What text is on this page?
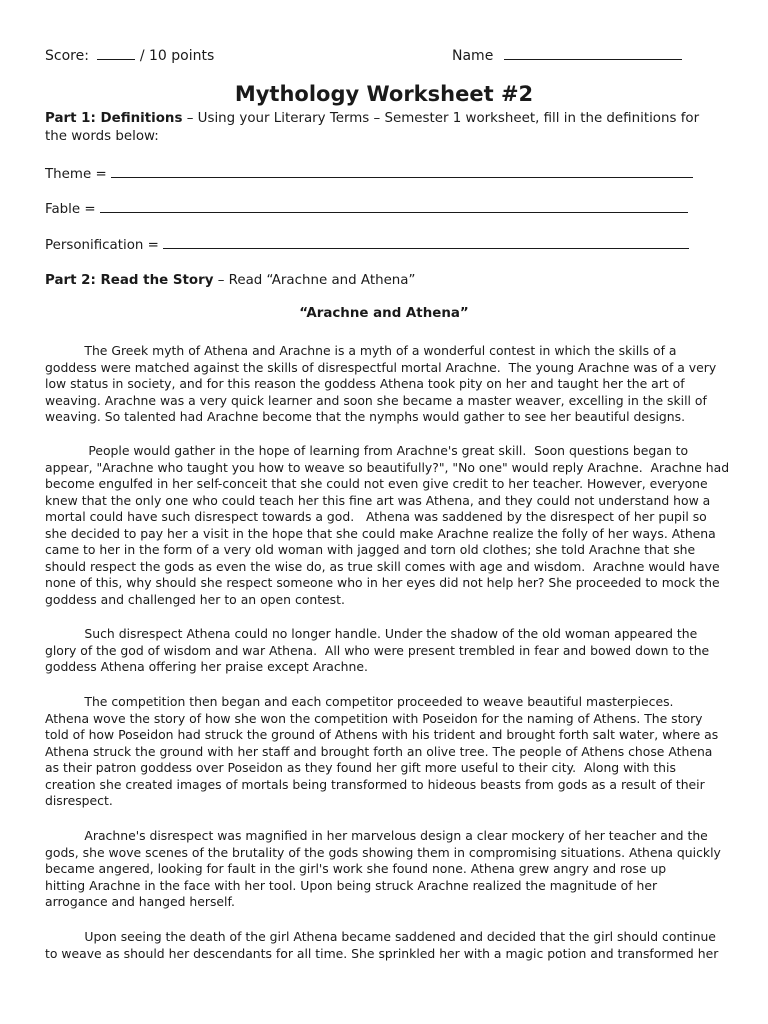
Score:	/ 10 points	Name
Mythology Worksheet #2
Part 1: Definitions – Using your Literary Terms – Semester 1 worksheet, fill in the definitions for
the words below:
Theme =
Fable =
Personification =
Part 2: Read the Story – Read “Arachne and Athena”
“Arachne and Athena”
The Greek myth of Athena and Arachne is a myth of a wonderful contest in which the skills of a
goddess were matched against the skills of disrespectful mortal Arachne.  The young Arachne was of a very
low status in society, and for this reason the goddess Athena took pity on her and taught her the art of
weaving. Arachne was a very quick learner and soon she became a master weaver, excelling in the skill of
weaving. So talented had Arachne become that the nymphs would gather to see her beautiful designs.
People would gather in the hope of learning from Arachne's great skill.  Soon questions began to
appear, "Arachne who taught you how to weave so beautifully?", "No one" would reply Arachne.  Arachne had
become engulfed in her self-conceit that she could not even give credit to her teacher. However, everyone
knew that the only one who could teach her this fine art was Athena, and they could not understand how a
mortal could have such disrespect towards a god.   Athena was saddened by the disrespect of her pupil so
she decided to pay her a visit in the hope that she could make Arachne realize the folly of her ways. Athena
came to her in the form of a very old woman with jagged and torn old clothes; she told Arachne that she
should respect the gods as even the wise do, as true skill comes with age and wisdom.  Arachne would have
none of this, why should she respect someone who in her eyes did not help her? She proceeded to mock the
goddess and challenged her to an open contest.
Such disrespect Athena could no longer handle. Under the shadow of the old woman appeared the
glory of the god of wisdom and war Athena.  All who were present trembled in fear and bowed down to the
goddess Athena offering her praise except Arachne.
The competition then began and each competitor proceeded to weave beautiful masterpieces.
Athena wove the story of how she won the competition with Poseidon for the naming of Athens. The story
told of how Poseidon had struck the ground of Athens with his trident and brought forth salt water, where as
Athena struck the ground with her staff and brought forth an olive tree. The people of Athens chose Athena
as their patron goddess over Poseidon as they found her gift more useful to their city.  Along with this
creation she created images of mortals being transformed to hideous beasts from gods as a result of their
disrespect.
Arachne's disrespect was magnified in her marvelous design a clear mockery of her teacher and the
gods, she wove scenes of the brutality of the gods showing them in compromising situations. Athena quickly
became angered, looking for fault in the girl's work she found none. Athena grew angry and rose up
hitting Arachne in the face with her tool. Upon being struck Arachne realized the magnitude of her
arrogance and hanged herself.
Upon seeing the death of the girl Athena became saddened and decided that the girl should continue
to weave as should her descendants for all time. She sprinkled her with a magic potion and transformed her
